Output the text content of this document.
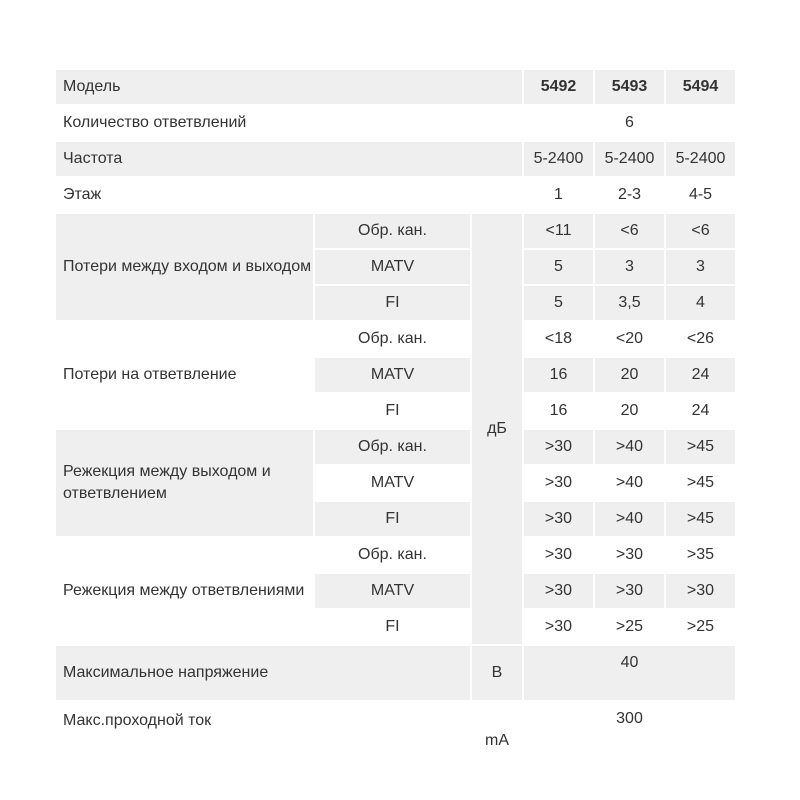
Модель			5492	5493	5494
Количество ответвлений			6		
Частота			5-2400	5-2400	5-2400
Этаж			1	2-3	4-5
Потери между входом и выходом	Обр. кан.	дБ	<11	<6	<6
	MATV		5	3	3
	FI		5	3,5	4
Потери на ответвление	Обр. кан.		<18	<20	<26
	MATV		16	20	24
	FI		16	20	24
Режекция между выходом и ответвлением	Обр. кан.		>30	>40	>45
	MATV		>30	>40	>45
	FI		>30	>40	>45
Режекция между ответвлениями	Обр. кан.		>30	>30	>35
	MATV		>30	>30	>30
	FI		>30	>25	>25
Максимальное напряжение		В	40		
Макс.проходной ток		mA	300		
